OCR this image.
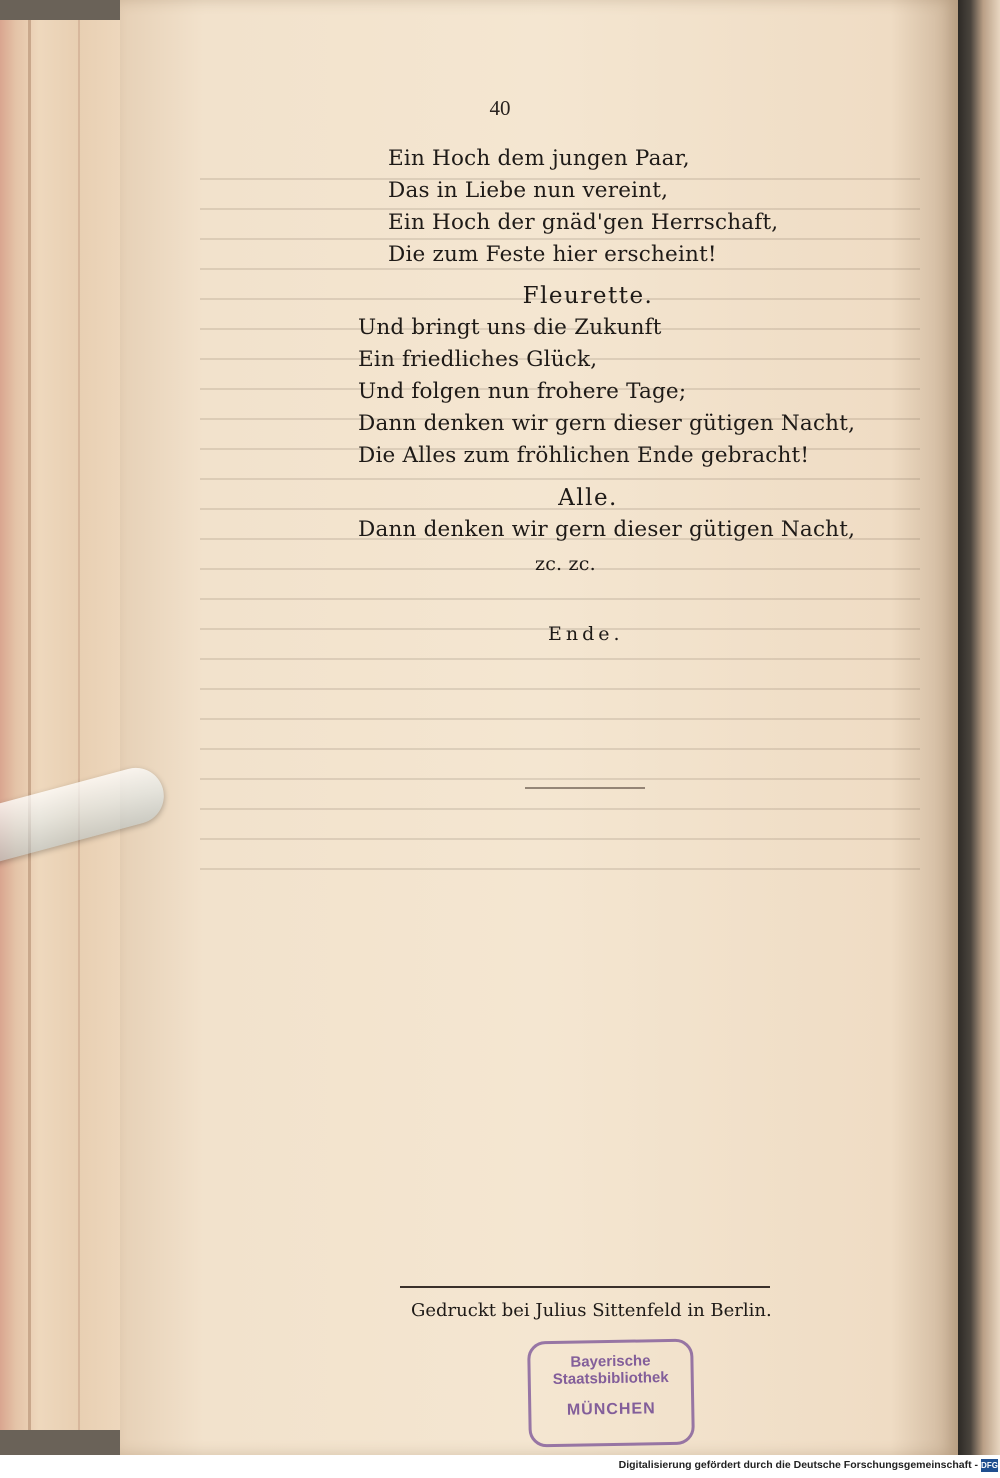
40
Ein Hoch dem jungen Paar,
Das in Liebe nun vereint,
Ein Hoch der gnäd'gen Herrschaft,
Die zum Feste hier erscheint!
Fleurette.
Und bringt uns die Zukunft
Ein friedliches Glück,
Und folgen nun frohere Tage;
Dann denken wir gern dieser gütigen Nacht,
Die Alles zum fröhlichen Ende gebracht!
Alle.
Dann denken wir gern dieser gütigen Nacht,
zc. zc.
Ende.
Gedruckt bei Julius Sittenfeld in Berlin.
Bayerische
Staatsbibliothek
MÜNCHEN
Digitalisierung gefördert durch die Deutsche Forschungsgemeinschaft - DFG
